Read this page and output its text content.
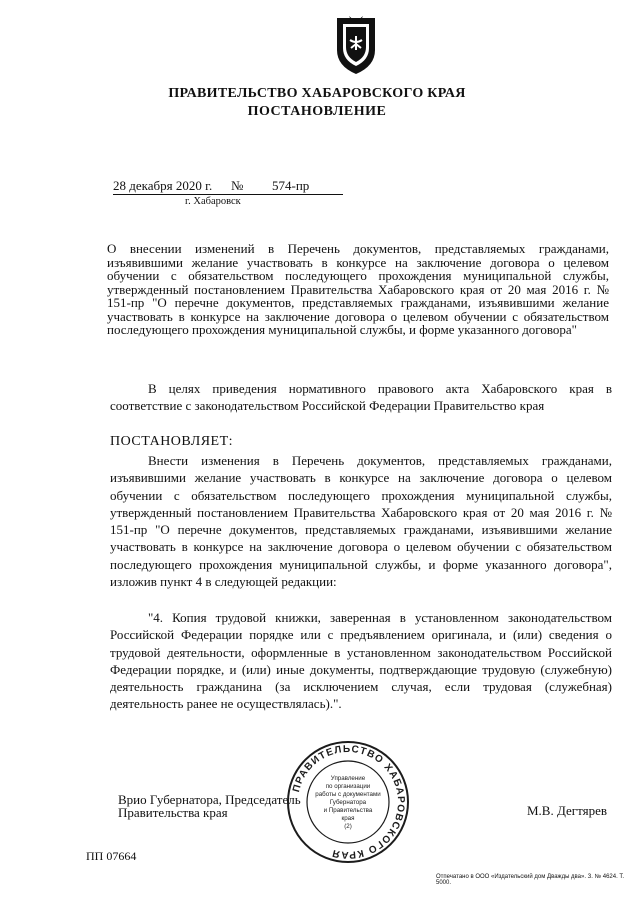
ПРАВИТЕЛЬСТВО ХАБАРОВСКОГО КРАЯ
ПОСТАНОВЛЕНИЕ
28 декабря 2020 г. № 574-пр
г. Хабаровск
О внесении изменений в Перечень документов, представляемых гражданами, изъявившими желание участвовать в конкурсе на заключение договора о целевом обучении с обязательством последующего прохождения муниципальной службы, утвержденный постановлением Правительства Хабаровского края от 20 мая 2016 г. № 151-пр "О перечне документов, представляемых гражданами, изъявившими желание участвовать в конкурсе на заключение договора о целевом обучении с обязательством последующего прохождения муниципальной службы, и форме указанного договора"
В целях приведения нормативного правового акта Хабаровского края в соответствие с законодательством Российской Федерации Правительство края
ПОСТАНОВЛЯЕТ:
Внести изменения в Перечень документов, представляемых гражданами, изъявившими желание участвовать в конкурсе на заключение договора о целевом обучении с обязательством последующего прохождения муниципальной службы, утвержденный постановлением Правительства Хабаровского края от 20 мая 2016 г. № 151-пр "О перечне документов, представляемых гражданами, изъявившими желание участвовать в конкурсе на заключение договора о целевом обучении с обязательством последующего прохождения муниципальной службы, и форме указанного договора", изложив пункт 4 в следующей редакции:
"4. Копия трудовой книжки, заверенная в установленном законодательством Российской Федерации порядке или с предъявлением оригинала, и (или) сведения о трудовой деятельности, оформленные в установленном законодательством Российской Федерации порядке, и (или) иные документы, подтверждающие трудовую (служебную) деятельность гражданина (за исключением случая, если трудовая (служебная) деятельность ранее не осуществлялась).".
Врио Губернатора, Председатель
Правительства края	М.В. Дегтярев
ПРАВИТЕЛЬСТВО ХАБАРОВСКОГО КРАЯ
Управление
по организации
работы с документами
Губернатора
и Правительства
края
(2)
ПП 07664
Отпечатано в ООО «Издательский дом Дважды два». З. № 4624. Т. 5000.
